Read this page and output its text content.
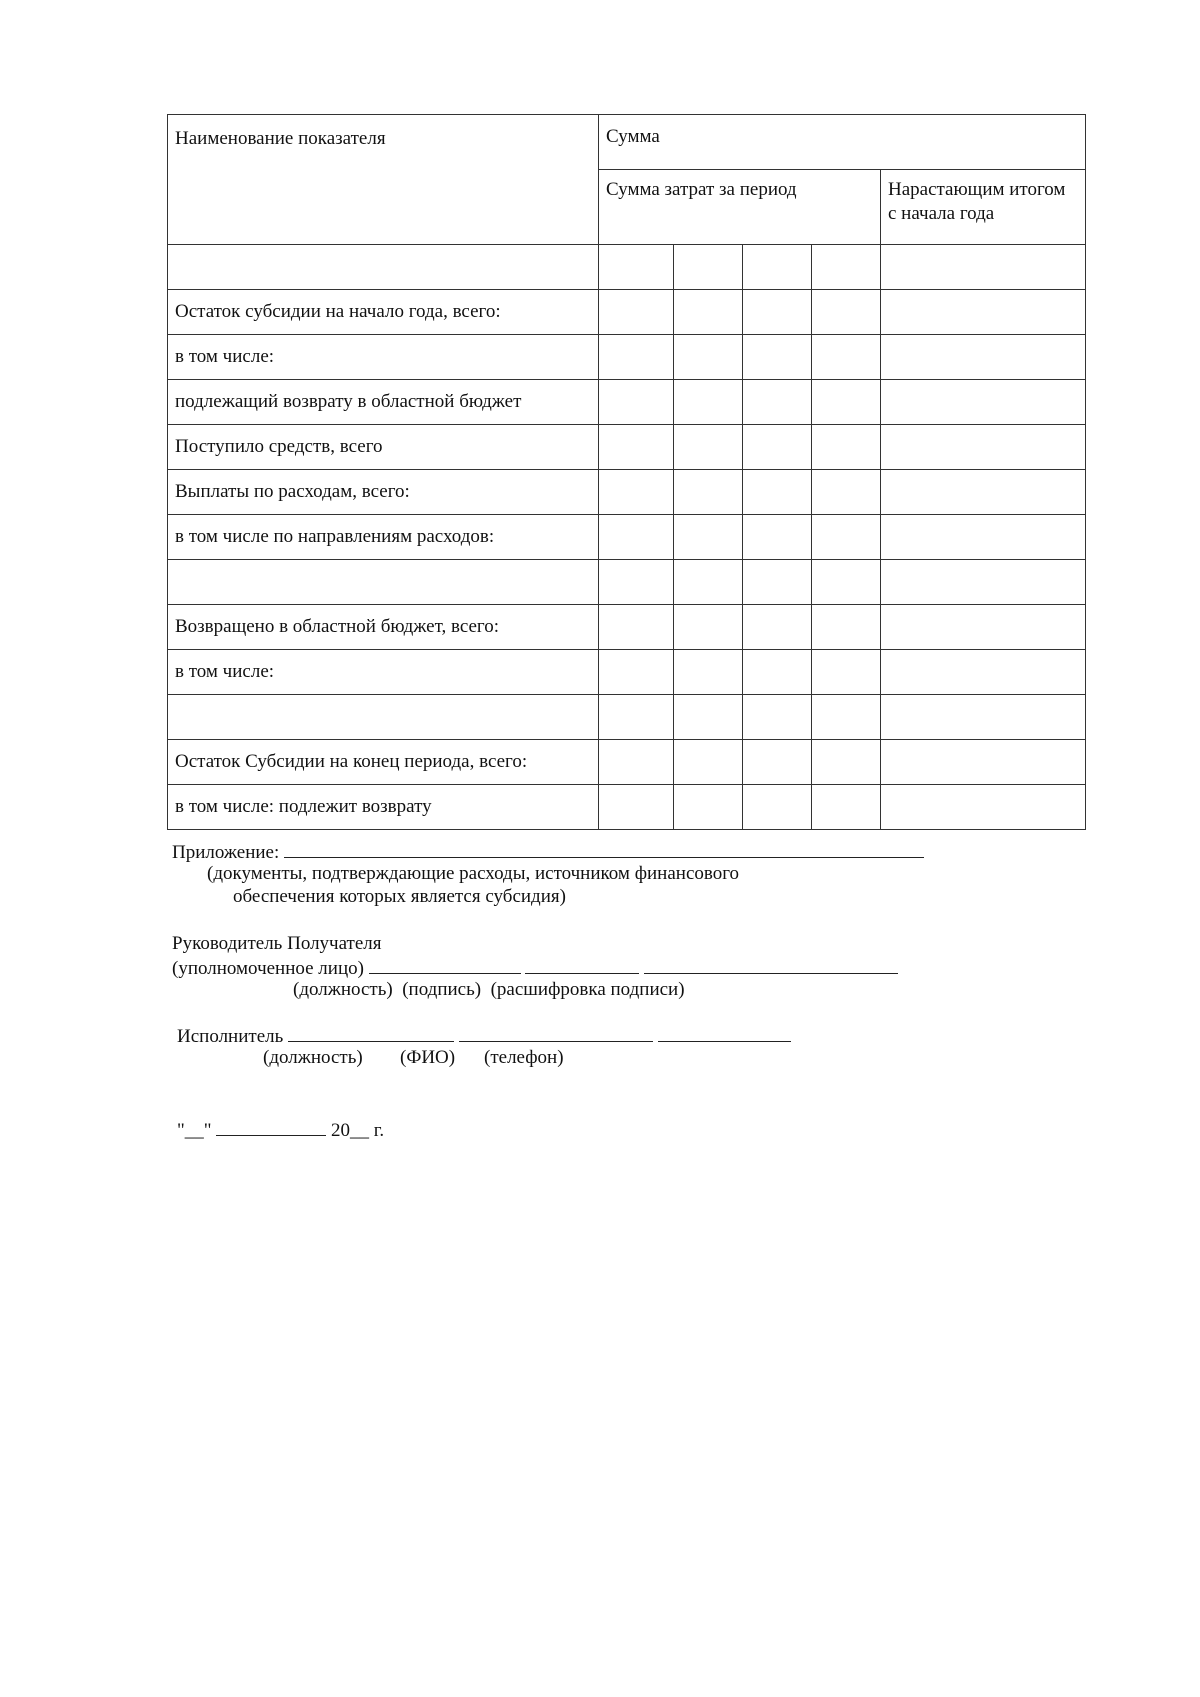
Наименование показателя	Сумма				
	Сумма затрат за период				Нарастающим итогом с начала года

Остаток субсидии на начало года, всего:					
в том числе:					
подлежащий возврату в областной бюджет					
Поступило средств, всего					
Выплаты по расходам, всего:					
в том числе по направлениям расходов:					

Возвращено в областной бюджет, всего:					
в том числе:					

Остаток Субсидии на конец периода, всего:					
в том числе: подлежит возврату					
Приложение:
(документы, подтверждающие расходы, источником финансового
обеспечения которых является субсидия)
Руководитель Получателя
(уполномоченное лицо)
(должность)  (подпись)  (расшифровка подписи)
Исполнитель
(должность) (ФИО) (телефон)
"__"	20__ г.
